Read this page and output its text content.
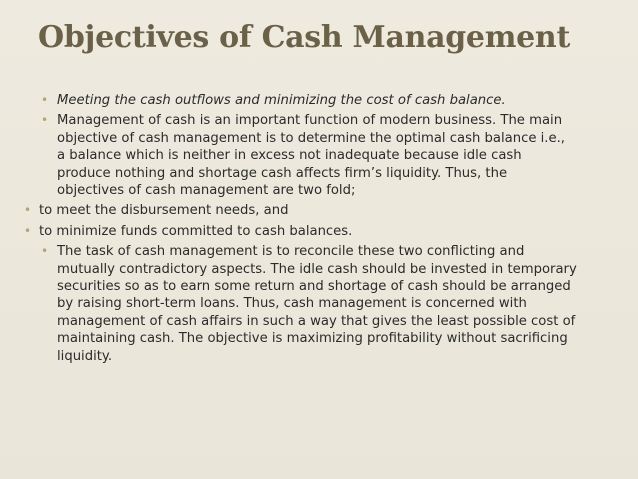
Objectives of Cash Management
• Meeting the cash outflows and minimizing the cost of cash balance.
• Management of cash is an important function of modern business. The main objective of cash management is to determine the optimal cash balance i.e., a balance which is neither in excess not inadequate because idle cash produce nothing and shortage cash affects firm’s liquidity. Thus, the objectives of cash management are two fold;
• to meet the disbursement needs, and
• to minimize funds committed to cash balances.
• The task of cash management is to reconcile these two conflicting and mutually contradictory aspects. The idle cash should be invested in temporary securities so as to earn some return and shortage of cash should be arranged by raising short-term loans. Thus, cash management is concerned with management of cash affairs in such a way that gives the least possible cost of maintaining cash. The objective is maximizing profitability without sacrificing liquidity.
